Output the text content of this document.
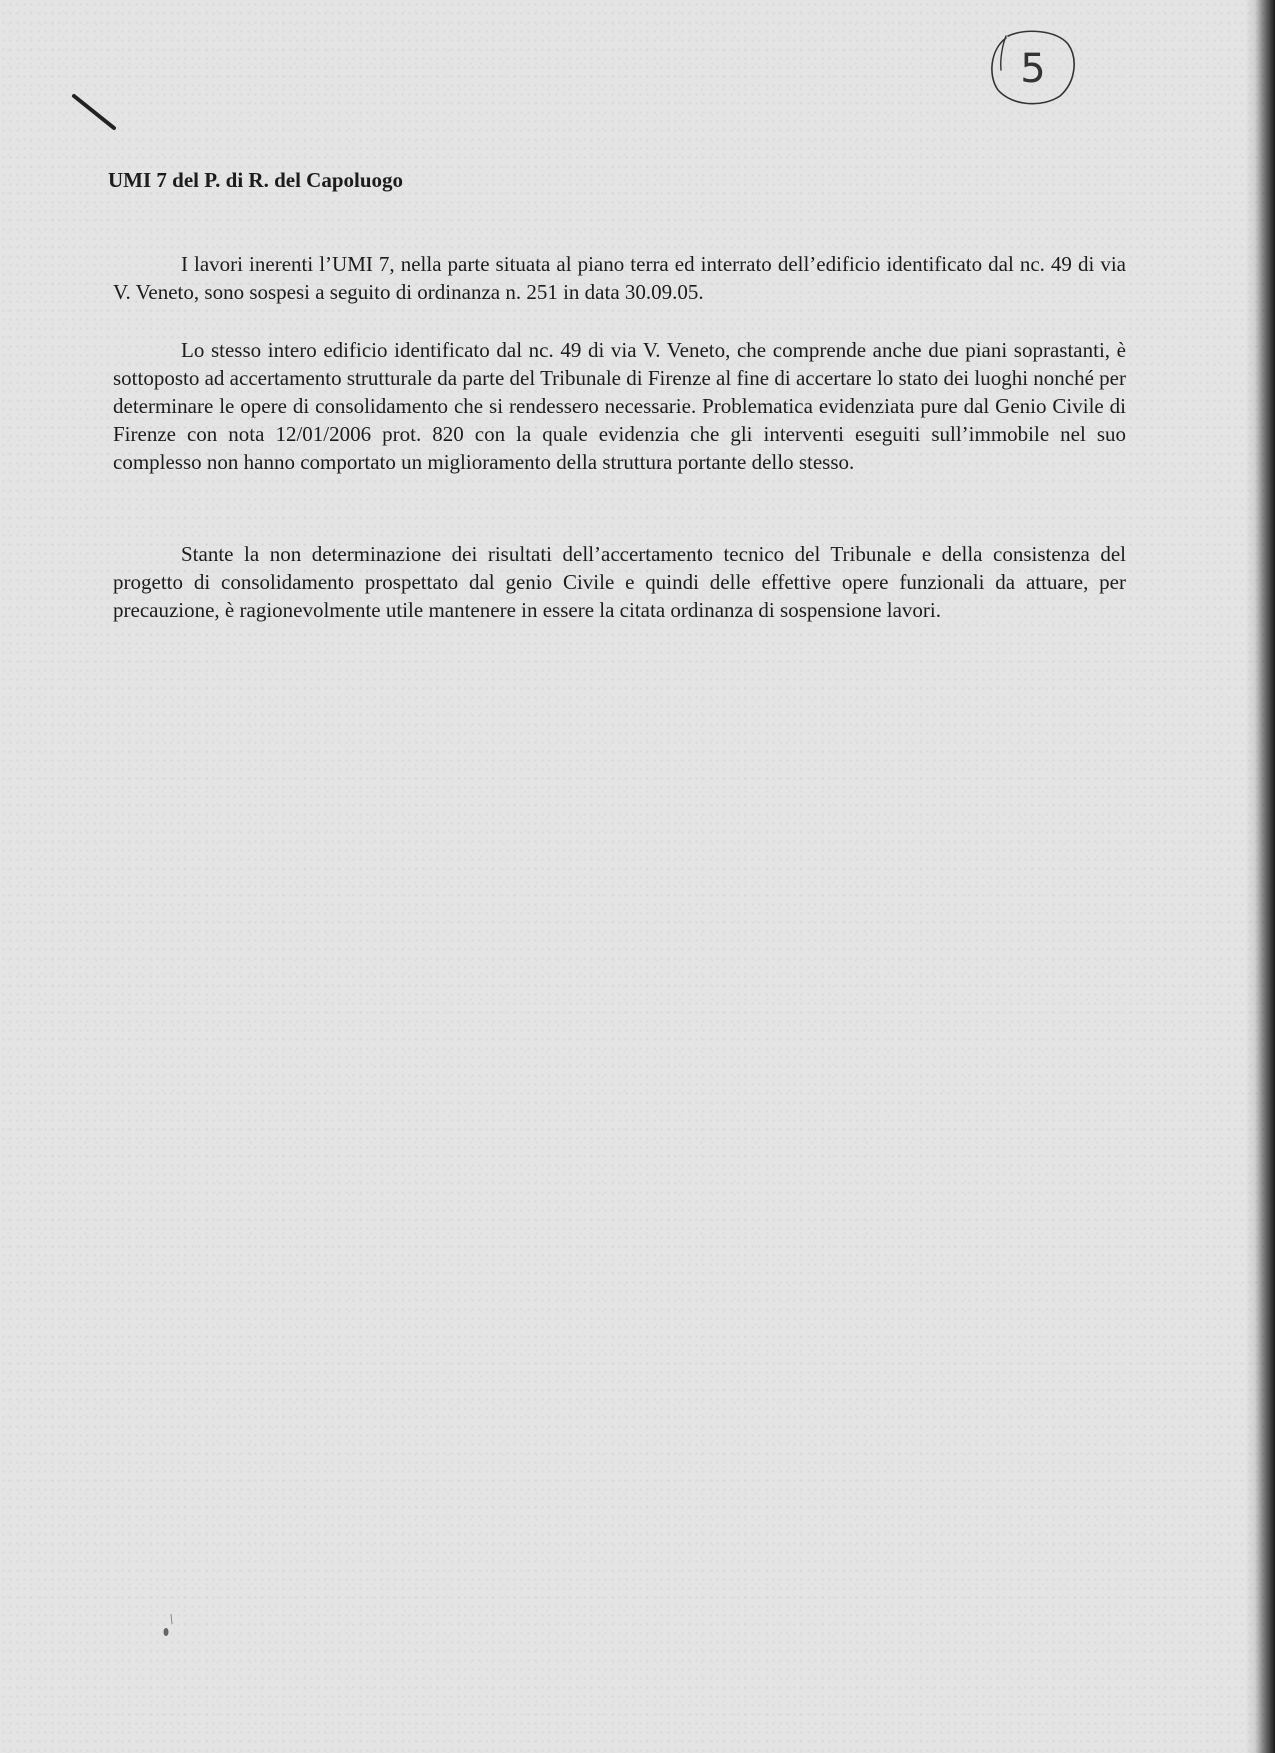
5
UMI 7 del P. di R. del Capoluogo

I lavori inerenti l’UMI 7, nella parte situata al piano terra ed interrato dell’edificio identificato dal nc. 49 di via V. Veneto, sono sospesi a seguito di ordinanza n. 251 in data 30.09.05.

Lo stesso intero edificio identificato dal nc. 49 di via V. Veneto, che comprende anche due piani soprastanti, è sottoposto ad accertamento strutturale da parte del Tribunale di Firenze al fine di accertare lo stato dei luoghi nonché per determinare le opere di consolidamento che si rendessero necessarie. Problematica evidenziata pure dal Genio Civile di Firenze con nota 12/01/2006 prot. 820 con la quale evidenzia che gli interventi eseguiti sull’immobile nel suo complesso non hanno comportato un miglioramento della struttura portante dello stesso.

Stante la non determinazione dei risultati dell’accertamento tecnico del Tribunale e della consistenza del progetto di consolidamento prospettato dal genio Civile e quindi delle effettive opere funzionali da attuare, per precauzione, è ragionevolmente utile mantenere in essere la citata ordinanza di sospensione lavori.
